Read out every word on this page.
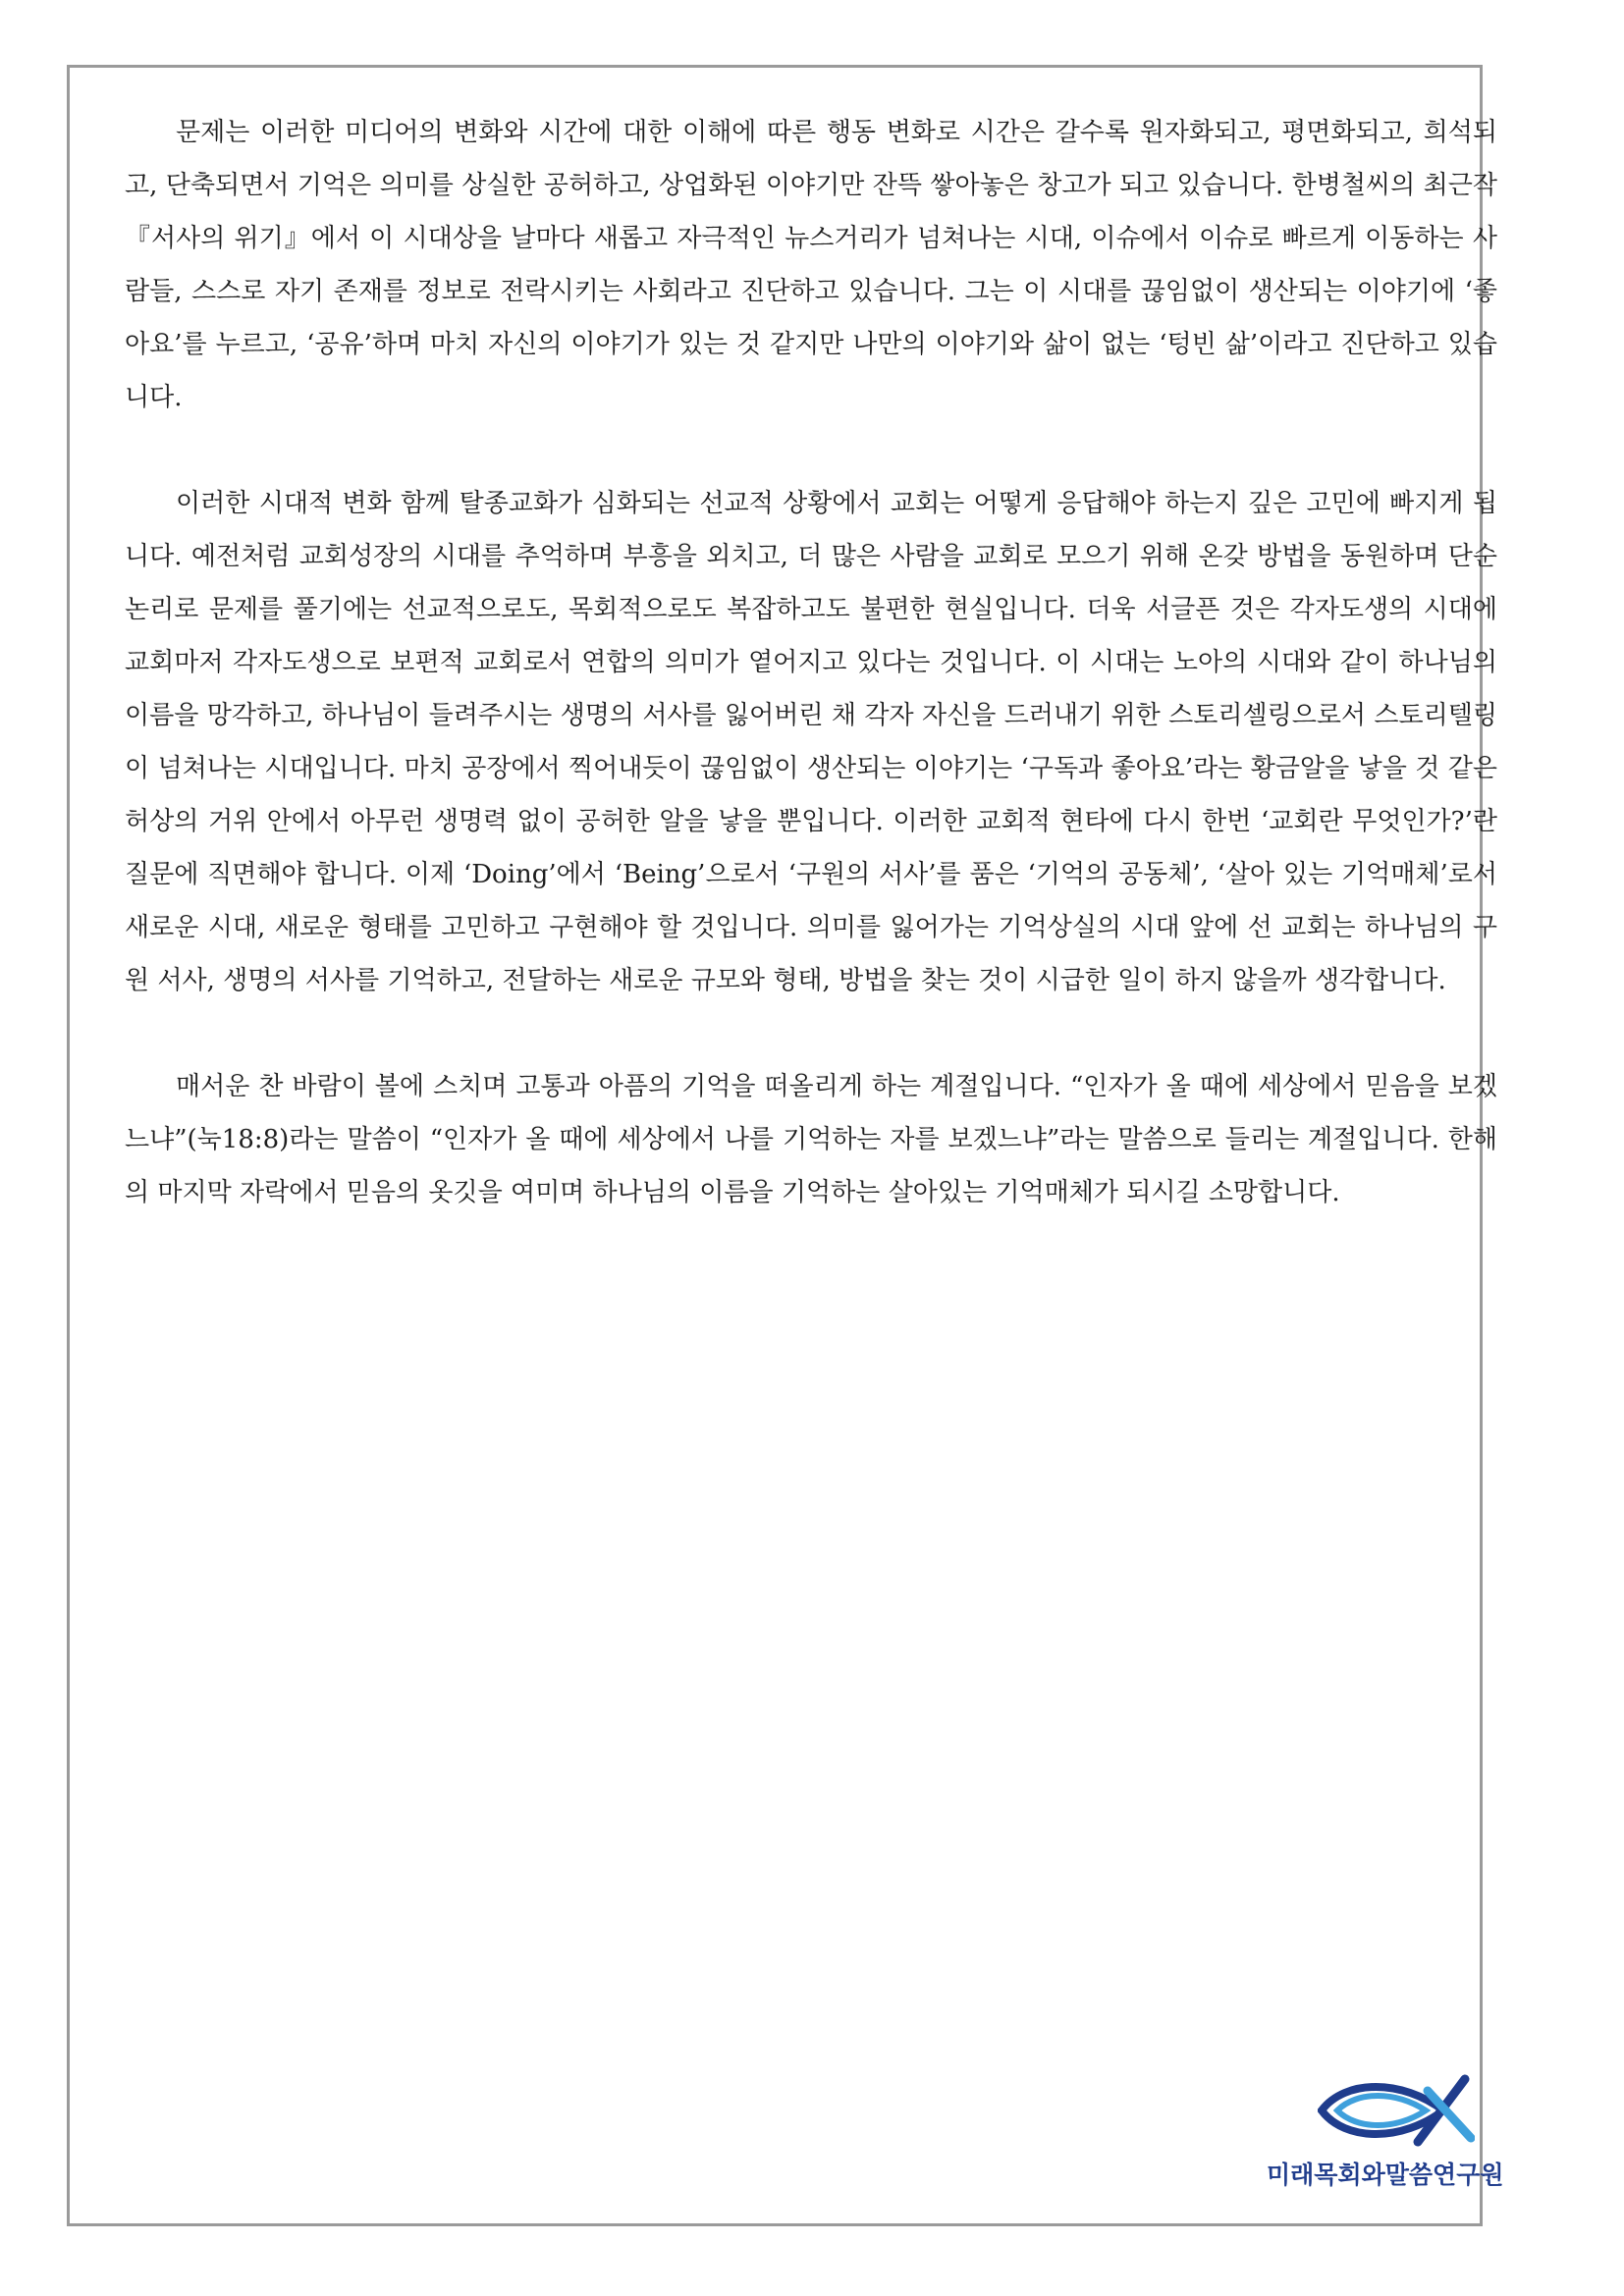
문제는 이러한 미디어의 변화와 시간에 대한 이해에 따른 행동 변화로 시간은 갈수록 원자화되고, 평면화되고, 희석되고, 단축되면서 기억은 의미를 상실한 공허하고, 상업화된 이야기만 잔뜩 쌓아놓은 창고가 되고 있습니다. 한병철씨의 최근작 『서사의 위기』에서 이 시대상을 날마다 새롭고 자극적인 뉴스거리가 넘쳐나는 시대, 이슈에서 이슈로 빠르게 이동하는 사람들, 스스로 자기 존재를 정보로 전락시키는 사회라고 진단하고 있습니다. 그는 이 시대를 끊임없이 생산되는 이야기에 ‘좋아요’를 누르고, ‘공유’하며 마치 자신의 이야기가 있는 것 같지만 나만의 이야기와 삶이 없는 ‘텅빈 삶’이라고 진단하고 있습니다.

이러한 시대적 변화 함께 탈종교화가 심화되는 선교적 상황에서 교회는 어떻게 응답해야 하는지 깊은 고민에 빠지게 됩니다. 예전처럼 교회성장의 시대를 추억하며 부흥을 외치고, 더 많은 사람을 교회로 모으기 위해 온갖 방법을 동원하며 단순 논리로 문제를 풀기에는 선교적으로도, 목회적으로도 복잡하고도 불편한 현실입니다. 더욱 서글픈 것은 각자도생의 시대에 교회마저 각자도생으로 보편적 교회로서 연합의 의미가 옅어지고 있다는 것입니다. 이 시대는 노아의 시대와 같이 하나님의 이름을 망각하고, 하나님이 들려주시는 생명의 서사를 잃어버린 채 각자 자신을 드러내기 위한 스토리셀링으로서 스토리텔링이 넘쳐나는 시대입니다. 마치 공장에서 찍어내듯이 끊임없이 생산되는 이야기는 ‘구독과 좋아요’라는 황금알을 낳을 것 같은 허상의 거위 안에서 아무런 생명력 없이 공허한 알을 낳을 뿐입니다. 이러한 교회적 현타에 다시 한번 ‘교회란 무엇인가?’란 질문에 직면해야 합니다. 이제 ‘Doing’에서 ‘Being’으로서 ‘구원의 서사’를 품은 ‘기억의 공동체’, ‘살아 있는 기억매체’로서 새로운 시대, 새로운 형태를 고민하고 구현해야 할 것입니다. 의미를 잃어가는 기억상실의 시대 앞에 선 교회는 하나님의 구원 서사, 생명의 서사를 기억하고, 전달하는 새로운 규모와 형태, 방법을 찾는 것이 시급한 일이 하지 않을까 생각합니다.

매서운 찬 바람이 볼에 스치며 고통과 아픔의 기억을 떠올리게 하는 계절입니다. “인자가 올 때에 세상에서 믿음을 보겠느냐”(눅18:8)라는 말씀이 “인자가 올 때에 세상에서 나를 기억하는 자를 보겠느냐”라는 말씀으로 들리는 계절입니다. 한해의 마지막 자락에서 믿음의 옷깃을 여미며 하나님의 이름을 기억하는 살아있는 기억매체가 되시길 소망합니다.

미래목회와말씀연구원
